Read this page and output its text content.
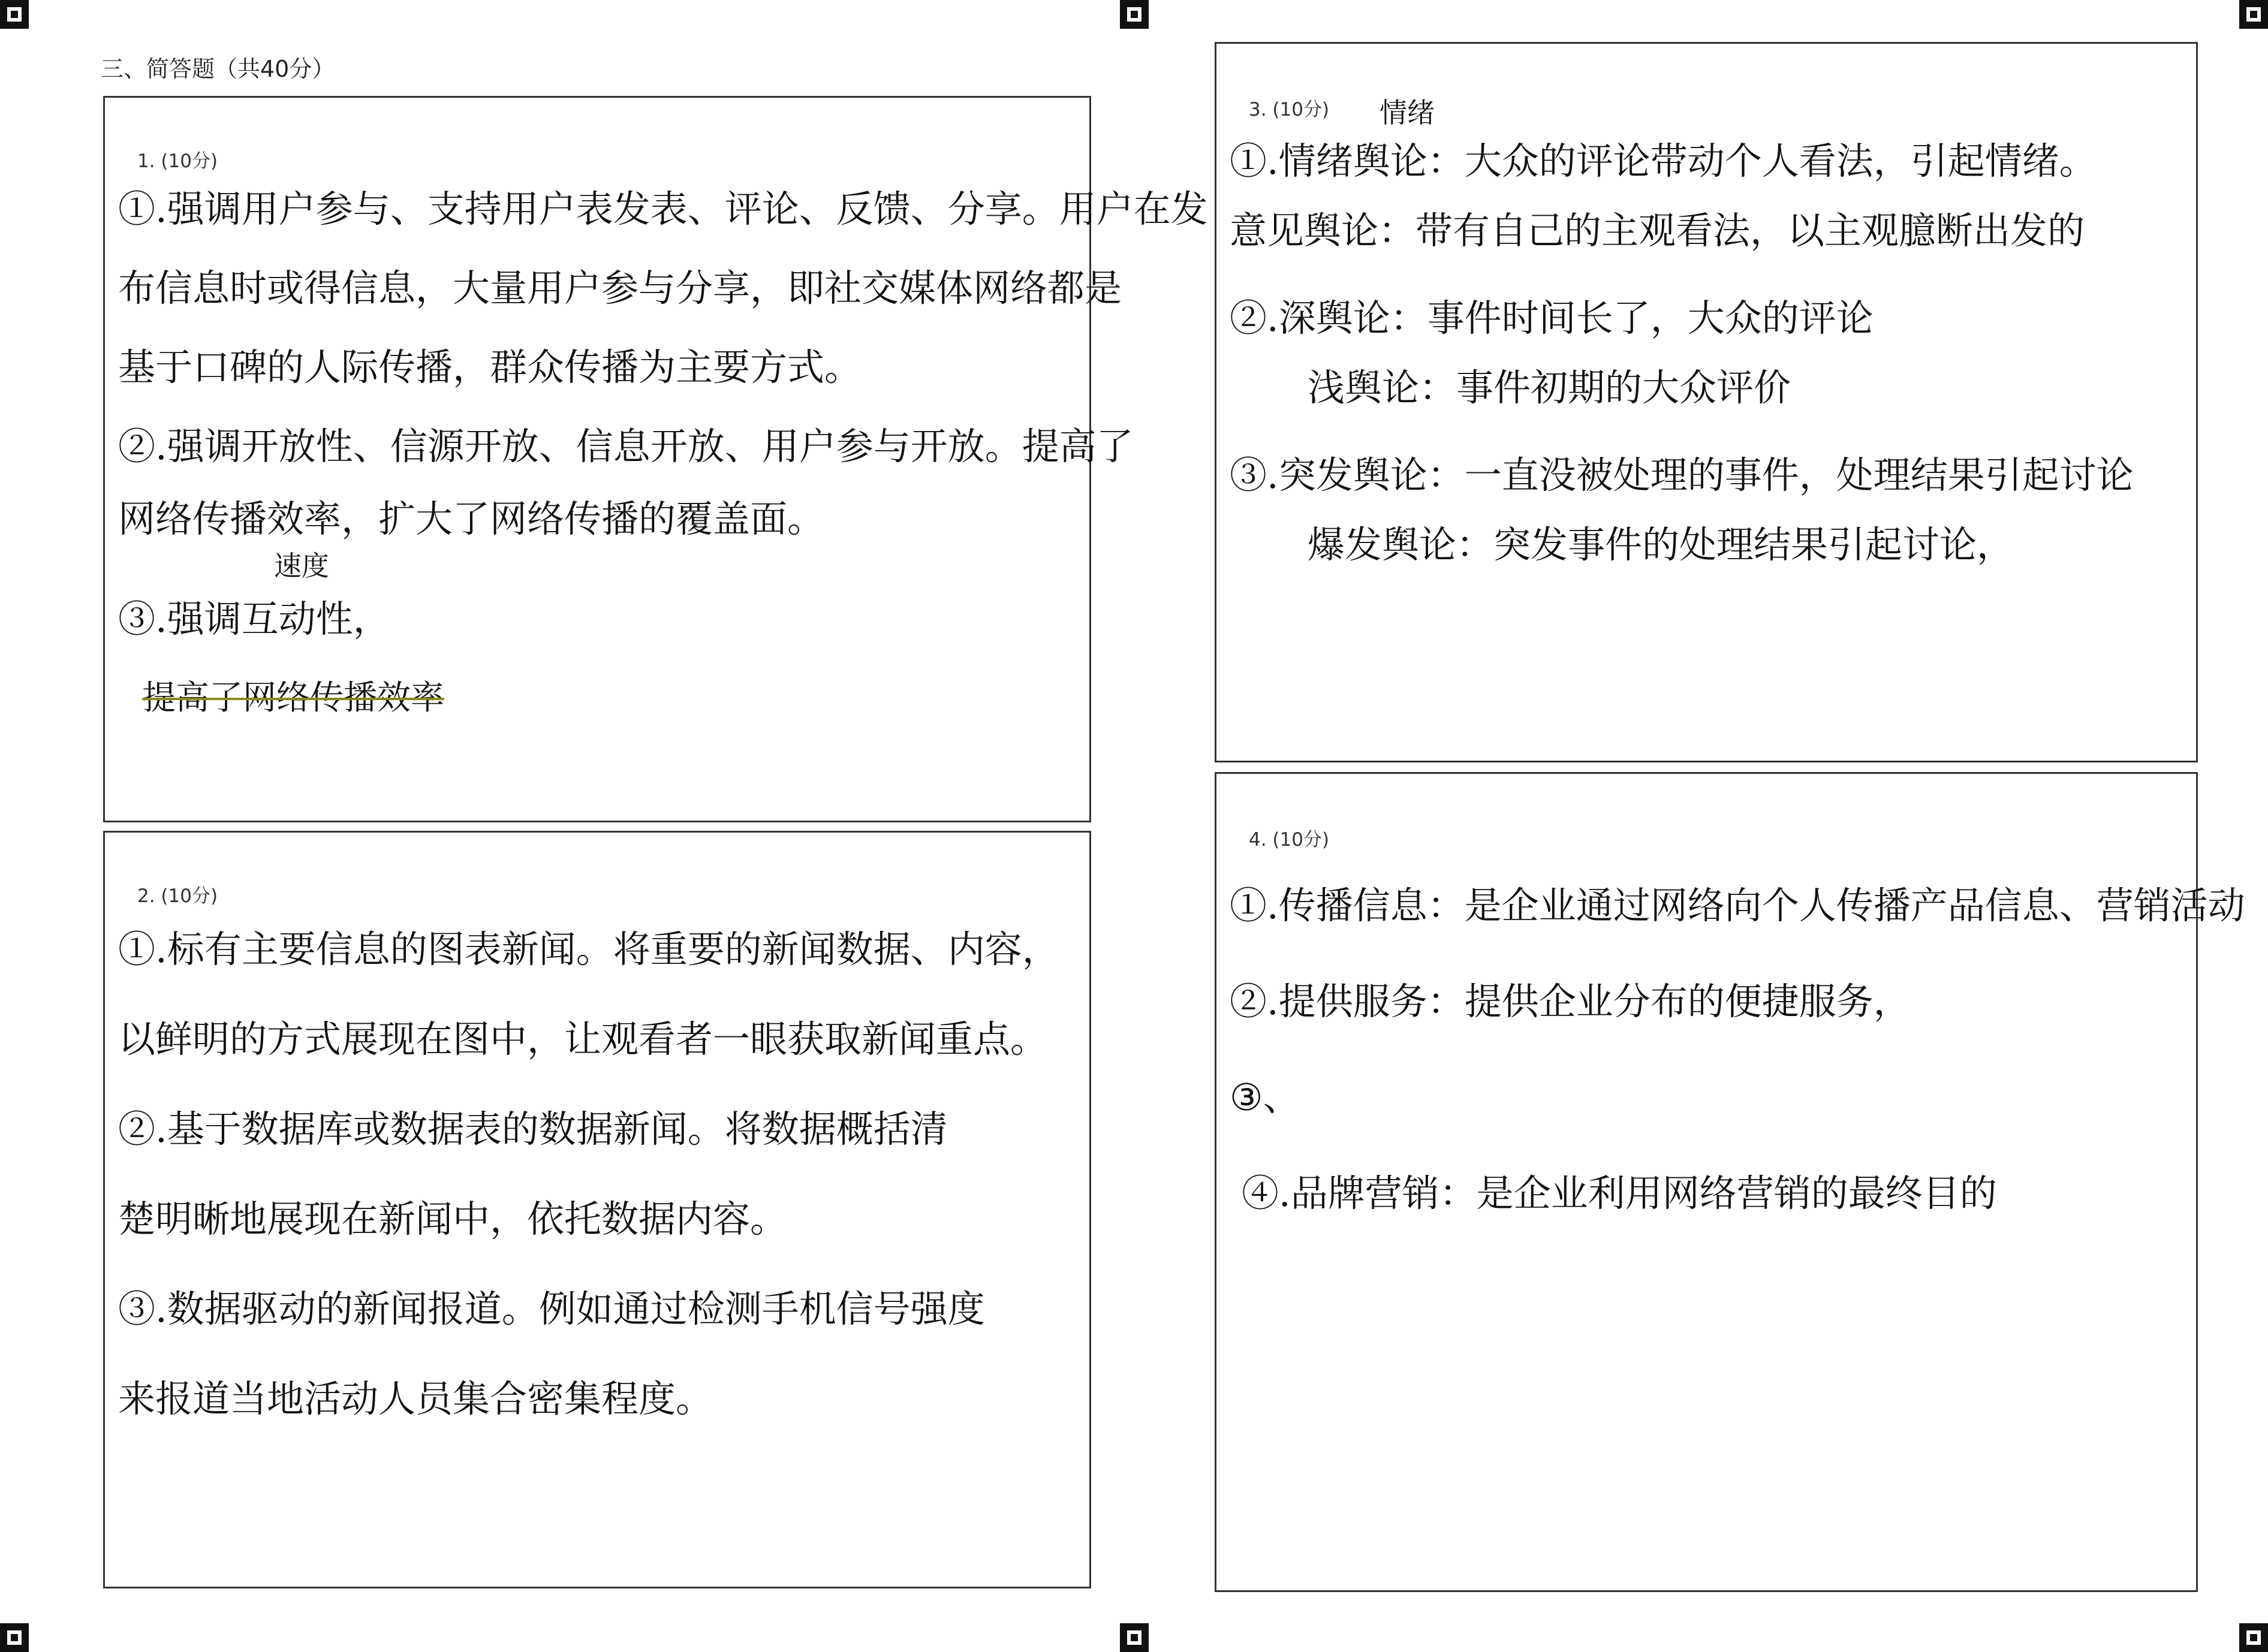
三、简答题（共40分）
1. (10分)
①.强调用户参与、支持用户表发表、评论、反馈、分享。用户在发
布信息时或得信息，大量用户参与分享，即社交媒体网络都是
基于口碑的人际传播，群众传播为主要方式。
②.强调开放性、信源开放、信息开放、用户参与开放。提高了
网络传播效率，扩大了网络传播的覆盖面。
速度
③.强调互动性，
提高了网络传播效率
2. (10分)
①.标有主要信息的图表新闻。将重要的新闻数据、内容，
以鲜明的方式展现在图中，让观看者一眼获取新闻重点。
②.基于数据库或数据表的数据新闻。将数据概括清
楚明晰地展现在新闻中，依托数据内容。
③.数据驱动的新闻报道。例如通过检测手机信号强度
来报道当地活动人员集合密集程度。
3. (10分)	情绪
①.情绪舆论：大众的评论带动个人看法，引起情绪。
意见舆论：带有自己的主观看法，以主观臆断出发的
②.深舆论：事件时间长了，大众的评论
浅舆论：事件初期的大众评价
③.突发舆论：一直没被处理的事件，处理结果引起讨论
爆发舆论：突发事件的处理结果引起讨论，
4. (10分)
①.传播信息：是企业通过网络向个人传播产品信息、营销活动
②.提供服务：提供企业分布的便捷服务，
③、
④.品牌营销：是企业利用网络营销的最终目的
